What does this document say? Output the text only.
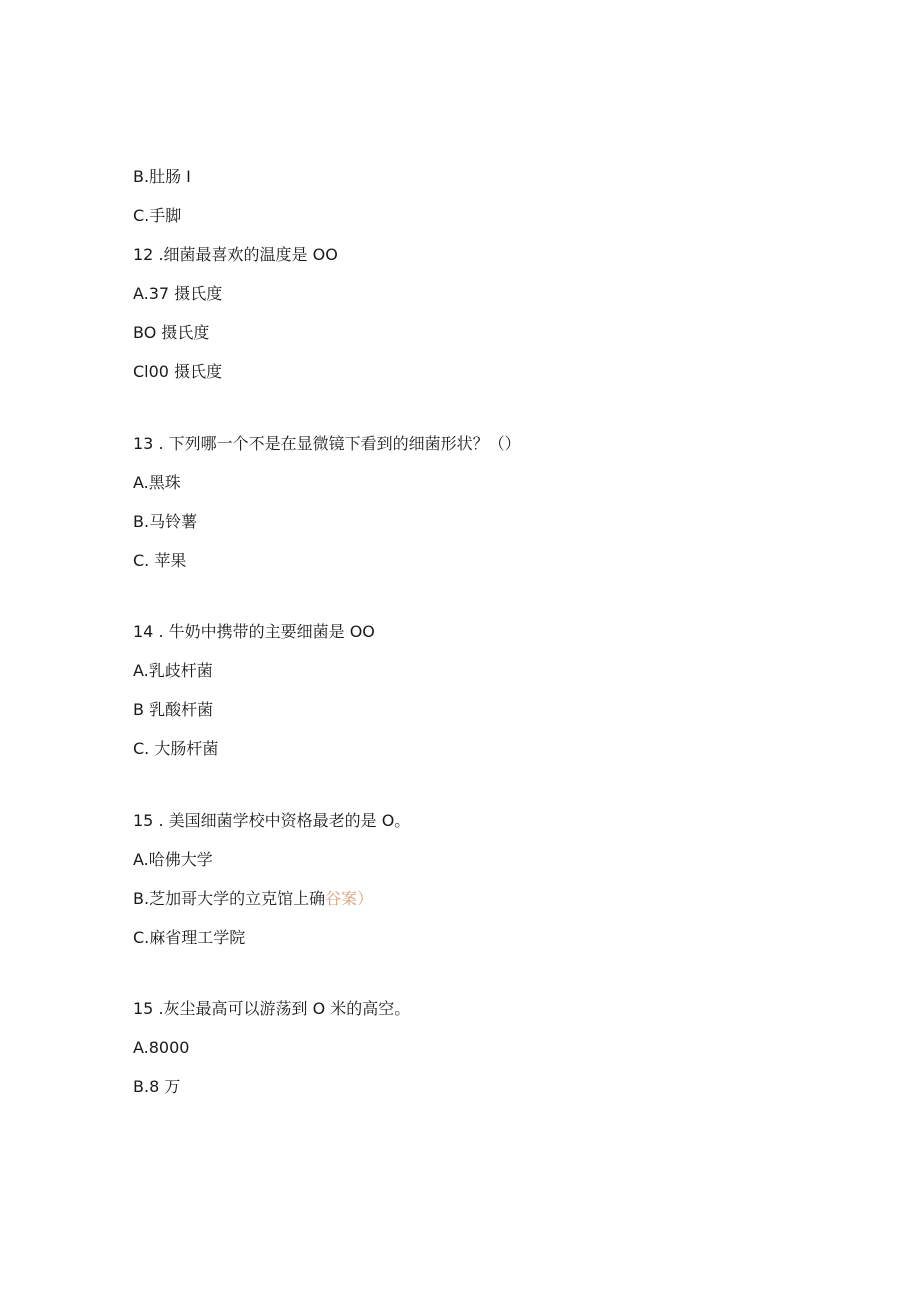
B.肚肠 I
C.手脚
12 .细菌最喜欢的温度是 OO
A.37 摄氏度
BO 摄氏度
Cl00 摄氏度
13 . 下列哪一个不是在显微镜下看到的细菌形状？（）
A.黑珠
B.马铃薯
C. 苹果
14 . 牛奶中携带的主要细菌是 OO
A.乳歧杆菌
B 乳酸杆菌
C. 大肠杆菌
15 . 美国细菌学校中资格最老的是 O。
A.哈佛大学
B.芝加哥大学的立克馆上确谷案）
C.麻省理工学院
15 .灰尘最高可以游荡到 O 米的高空。
A.8000
B.8 万
